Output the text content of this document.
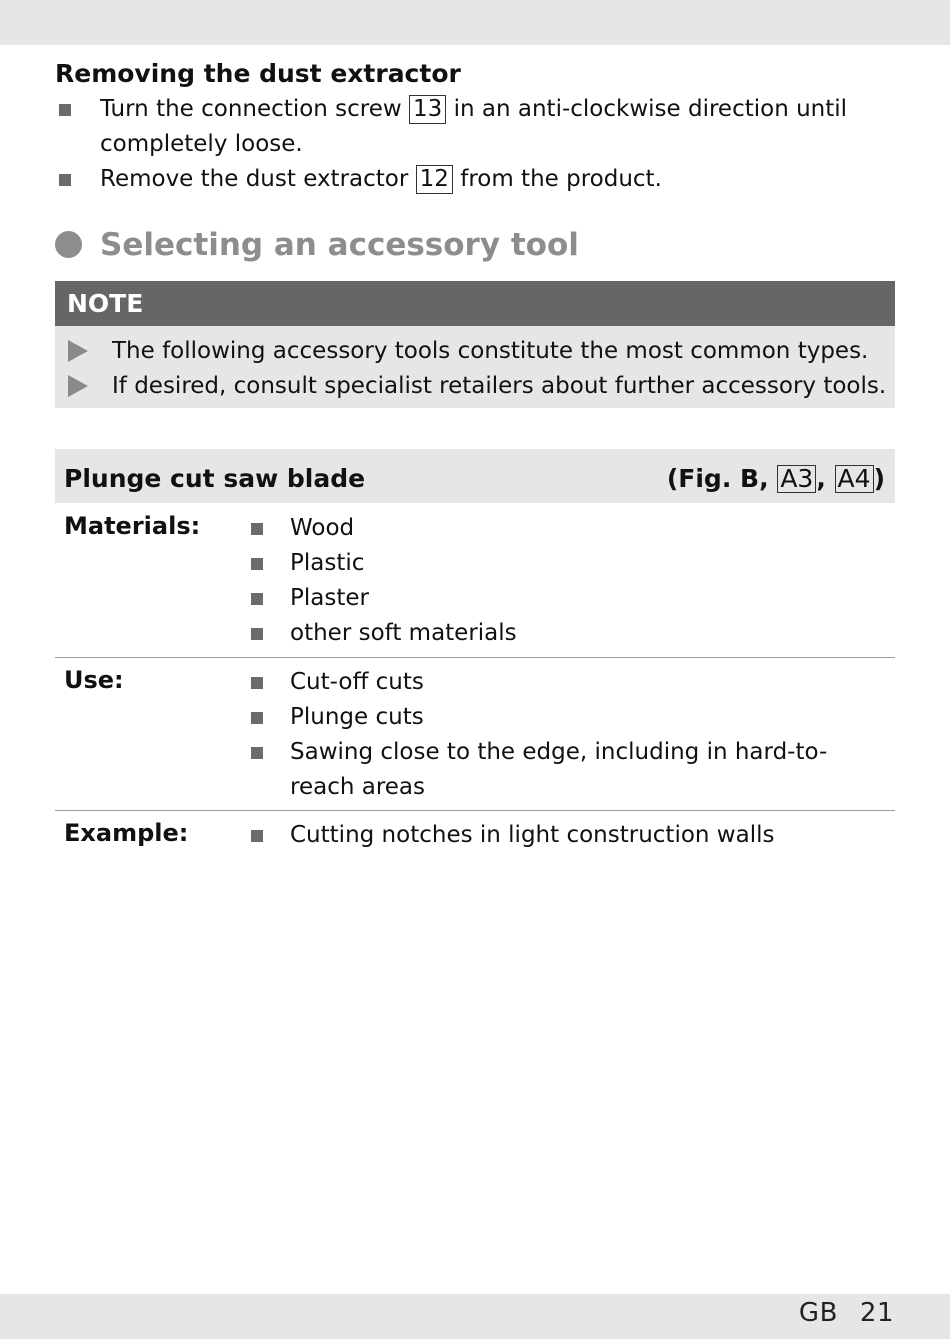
Removing the dust extractor
Turn the connection screw 13 in an anti-clockwise direction until completely loose.
Remove the dust extractor 12 from the product.
Selecting an accessory tool
NOTE
The following accessory tools constitute the most common types.
If desired, consult specialist retailers about further accessory tools.
Plunge cut saw blade	(Fig. B, A3 , A4 )
Materials:	Wood
Plastic
Plaster
other soft materials
Use:	Cut-off cuts
Plunge cuts
Sawing close to the edge, including in hard-to-reach areas
Example:	Cutting notches in light construction walls
GB 21
